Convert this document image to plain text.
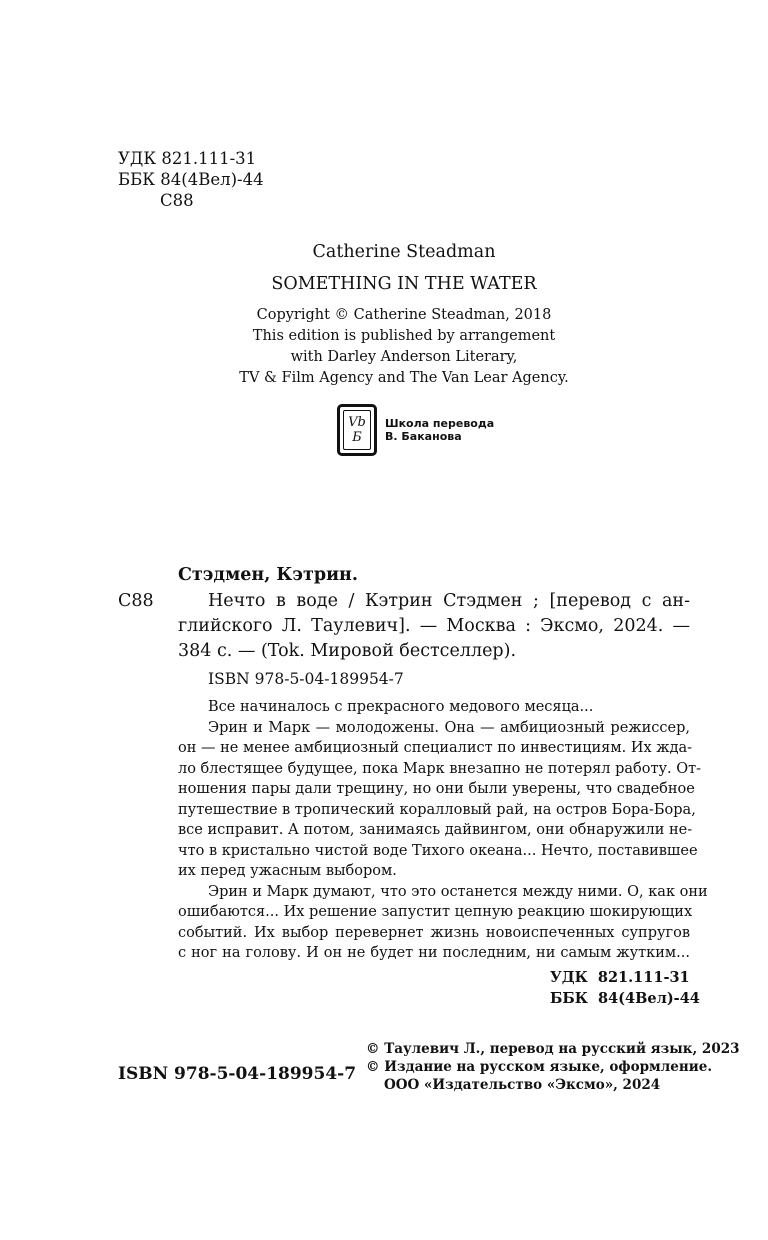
УДК 821.111-31
ББК 84(4Вел)-44
С88
Catherine Steadman
SOMETHING IN THE WATER
Copyright © Catherine Steadman, 2018
This edition is published by arrangement
with Darley Anderson Literary,
TV & Film Agency and The Van Lear Agency.
Vb
Б
Школа перевода
В. Баканова
Стэдмен, Кэтрин.
С88	Нечто в воде / Кэтрин Стэдмен ; [перевод с ан-
глийского Л. Таулевич]. — Москва : Эксмо, 2024. —
384 с. — (Tok. Мировой бестселлер).
ISBN 978-5-04-189954-7
Все начиналось с прекрасного медового месяца...
Эрин и Марк — молодожены. Она — амбициозный режиссер,
он — не менее амбициозный специалист по инвестициям. Их жда-
ло блестящее будущее, пока Марк внезапно не потерял работу. От-
ношения пары дали трещину, но они были уверены, что свадебное
путешествие в тропический коралловый рай, на остров Бора-Бора,
все исправит. А потом, занимаясь дайвингом, они обнаружили не-
что в кристально чистой воде Тихого океана... Нечто, поставившее
их перед ужасным выбором.
Эрин и Марк думают, что это останется между ними. О, как они
ошибаются... Их решение запустит цепную реакцию шокирующих
событий. Их выбор перевернет жизнь новоиспеченных супругов
с ног на голову. И он не будет ни последним, ни самым жутким...
УДК 821.111-31
ББК 84(4Вел)-44
ISBN 978-5-04-189954-7
© Таулевич Л., перевод на русский язык, 2023
© Издание на русском языке, оформление.
ООО «Издательство «Эксмо», 2024
